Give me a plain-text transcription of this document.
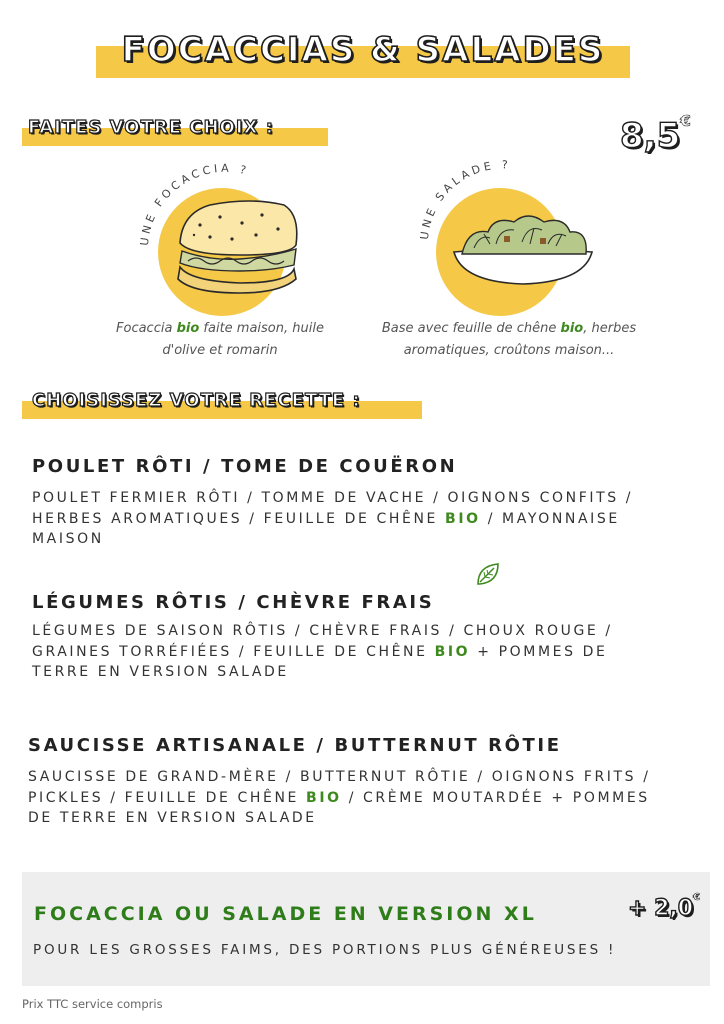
FOCACCIAS & SALADES
FAITES VOTRE CHOIX :	8,5€
UNE FOCACCIA ?
Focaccia bio faite maison, huile
d'olive et romarin
UNE SALADE ?
Base avec feuille de chêne bio, herbes
aromatiques, croûtons maison...
CHOISISSEZ VOTRE RECETTE :
POULET RÔTI / TOME DE COUËRON
POULET FERMIER RÔTI / TOMME DE VACHE / OIGNONS CONFITS /
HERBES AROMATIQUES / FEUILLE DE CHÊNE BIO / MAYONNAISE
MAISON
LÉGUMES RÔTIS / CHÈVRE FRAIS
LÉGUMES DE SAISON RÔTIS / CHÈVRE FRAIS / CHOUX ROUGE /
GRAINES TORRÉFIÉES / FEUILLE DE CHÊNE BIO + POMMES DE
TERRE EN VERSION SALADE
SAUCISSE ARTISANALE / BUTTERNUT RÔTIE
SAUCISSE DE GRAND-MÈRE / BUTTERNUT RÔTIE / OIGNONS FRITS /
PICKLES / FEUILLE DE CHÊNE BIO / CRÈME MOUTARDÉE + POMMES
DE TERRE EN VERSION SALADE
FOCACCIA OU SALADE EN VERSION XL	+ 2,0€
POUR LES GROSSES FAIMS, DES PORTIONS PLUS GÉNÉREUSES !
Prix TTC service compris
